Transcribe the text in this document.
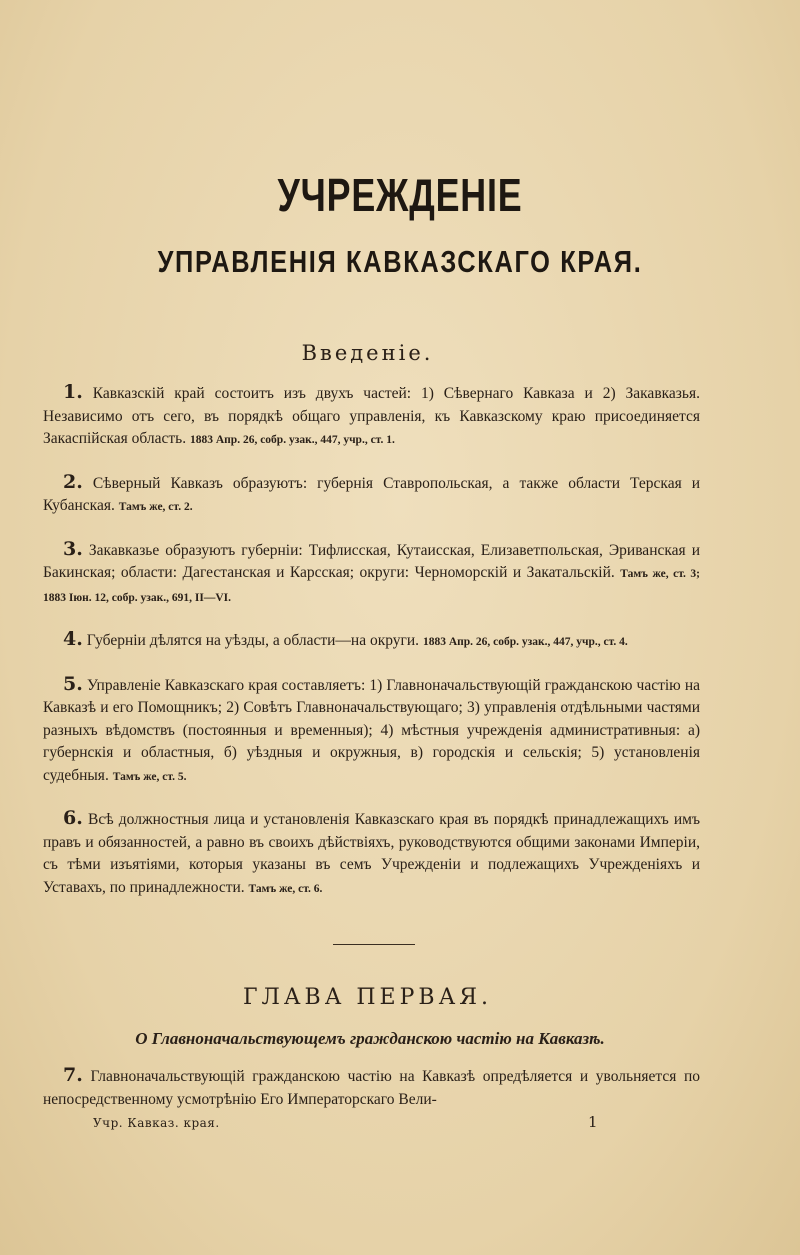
УЧРЕЖДЕНІЕ
УПРАВЛЕНІЯ КАВКАЗСКАГО КРАЯ.
Введеніе.

1. Кавказскій край состоитъ изъ двухъ частей: 1) Сѣвернаго Кавказа и 2) Закавказья. Независимо отъ сего, въ порядкѣ общаго управленія, къ Кавказскому краю присоединяется Закаспійская область. 1883 Апр. 26, собр. узак., 447, учр., ст. 1.

2. Сѣверный Кавказъ образуютъ: губернія Ставропольская, а также области Терская и Кубанская. Тамъ же, ст. 2.

3. Закавказье образуютъ губерніи: Тифлисская, Кутаисская, Елизаветпольская, Эриванская и Бакинская; области: Дагестанская и Карсская; округи: Черноморскій и Закатальскій. Тамъ же, ст. 3; 1883 Іюн. 12, собр. узак., 691, II—VI.

4. Губерніи дѣлятся на уѣзды, а области—на округи. 1883 Апр. 26, собр. узак., 447, учр., ст. 4.

5. Управленіе Кавказскаго края составляетъ: 1) Главноначальствующій гражданскою частію на Кавказѣ и его Помощникъ; 2) Совѣтъ Главноначальствующаго; 3) управленія отдѣльными частями разныхъ вѣдомствъ (постоянныя и временныя); 4) мѣстныя учрежденія административныя: а) губернскія и областныя, б) уѣздныя и окружныя, в) городскія и сельскія; 5) установленія судебныя. Тамъ же, ст. 5.

6. Всѣ должностныя лица и установленія Кавказскаго края въ порядкѣ принадлежащихъ имъ правъ и обязанностей, а равно въ своихъ дѣйствіяхъ, руководствуются общими законами Имперіи, съ тѣми изъятіями, которыя указаны въ семъ Учрежденіи и подлежащихъ Учрежденіяхъ и Уставахъ, по принадлежности. Тамъ же, ст. 6.

ГЛАВА ПЕРВАЯ.
О Главноначальствующемъ гражданскою частію на Кавказѣ.

7. Главноначальствующій гражданскою частію на Кавказѣ опредѣляется и увольняется по непосредственному усмотрѣнію Его Императорскаго Вели-

Учр. Кавказ. края.	1
